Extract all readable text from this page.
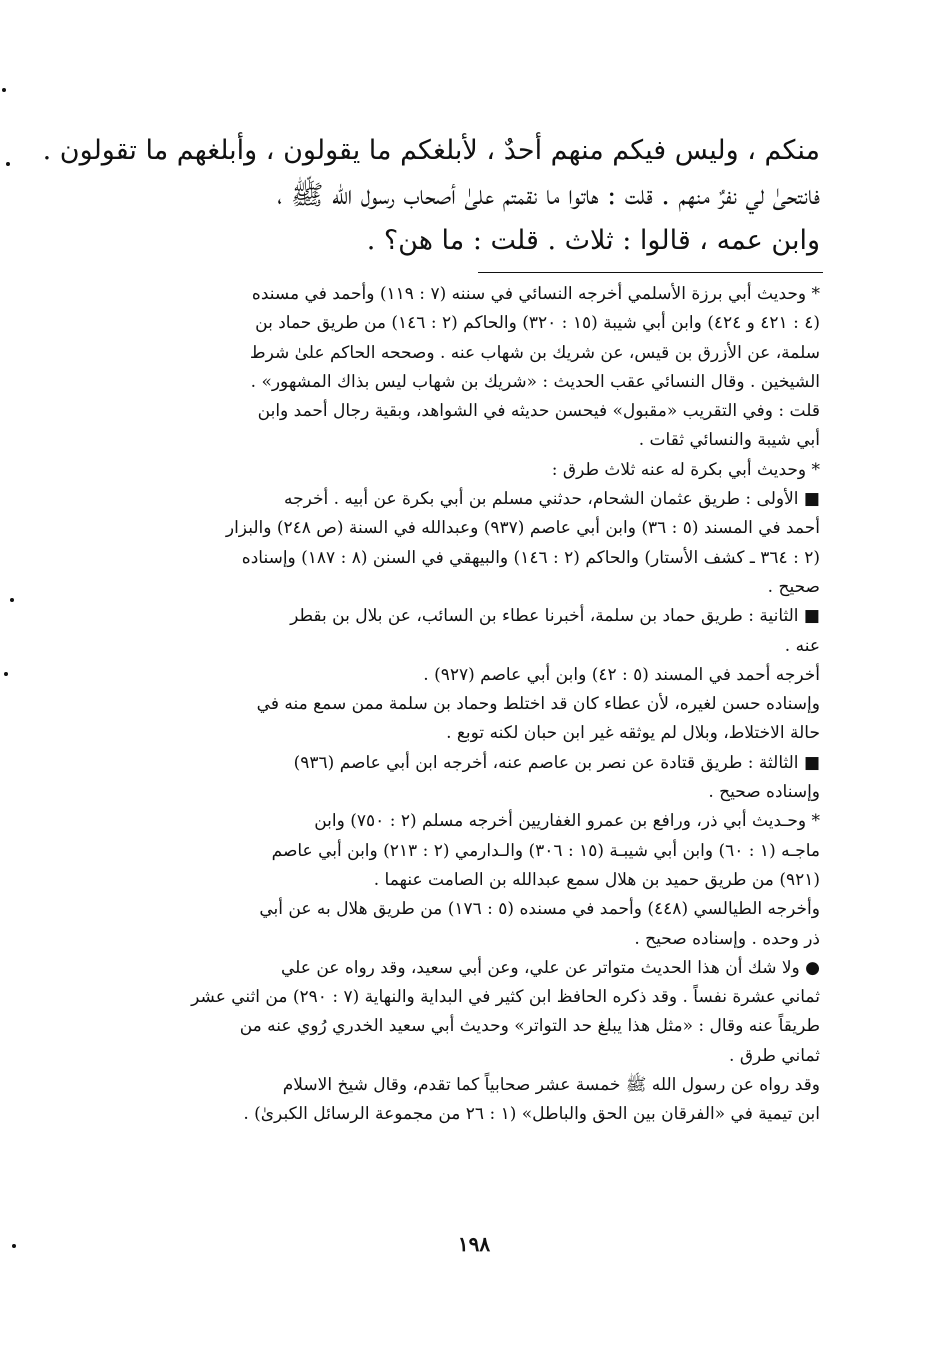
منكم ، وليس فيكم منهم أحدٌ ، لأبلغكم ما يقولون ، وأبلغهم ما تقولون .

فانتحىٰ لي نفرٌ منهم . قلت : هاتوا ما نقمتم علىٰ أصحاب رسول الله ﷺ ،

وابن عمه ، قالوا : ثلاث . قلت : ما هن؟ .

* وحديث أبي برزة الأسلمي أخرجه النسائي في سننه (٧ : ١١٩) وأحمد في مسنده
(٤ : ٤٢١ و ٤٢٤) وابن أبي شيبة (١٥ : ٣٢٠) والحاكم (٢ : ١٤٦) من طريق حماد بن
سلمة، عن الأزرق بن قيس، عن شريك بن شهاب عنه . وصححه الحاكم علىٰ شرط
الشيخين . وقال النسائي عقب الحديث : «شريك بن شهاب ليس بذاك المشهور» .
قلت : وفي التقريب «مقبول» فيحسن حديثه في الشواهد، وبقية رجال أحمد وابن
أبي شيبة والنسائي ثقات .
* وحديث أبي بكرة له عنه ثلاث طرق :
■ الأولى : طريق عثمان الشحام، حدثني مسلم بن أبي بكرة عن أبيه . أخرجه
أحمد في المسند (٥ : ٣٦) وابن أبي عاصم (٩٣٧) وعبدالله في السنة (ص ٢٤٨) والبزار
(٢ : ٣٦٤ ـ كشف الأستار) والحاكم (٢ : ١٤٦) والبيهقي في السنن (٨ : ١٨٧) وإسناده
صحيح .
■ الثانية : طريق حماد بن سلمة، أخبرنا عطاء بن السائب، عن بلال بن بقطر
عنه .
أخرجه أحمد في المسند (٥ : ٤٢) وابن أبي عاصم (٩٢٧) .
وإسناده حسن لغيره، لأن عطاء كان قد اختلط وحماد بن سلمة ممن سمع منه في
حالة الاختلاط، وبلال لم يوثقه غير ابن حبان لكنه توبع .
■ الثالثة : طريق قتادة عن نصر بن عاصم عنه، أخرجه ابن أبي عاصم (٩٣٦)
وإسناده صحيح .
* وحـديث أبي ذر، ورافع بن عمرو الغفاريين أخرجه مسلم (٢ : ٧٥٠) وابن
ماجـه (١ : ٦٠) وابن أبي شيبـة (١٥ : ٣٠٦) والـدارمي (٢ : ٢١٣) وابن أبي عاصم
(٩٢١) من طريق حميد بن هلال سمع عبدالله بن الصامت عنهما .
وأخرجه الطيالسي (٤٤٨) وأحمد في مسنده (٥ : ١٧٦) من طريق هلال به عن أبي
ذر وحده . وإسناده صحيح .
● ولا شك أن هذا الحديث متواتر عن علي، وعن أبي سعيد، وقد رواه عن علي
ثماني عشرة نفساً . وقد ذكره الحافظ ابن كثير في البداية والنهاية (٧ : ٢٩٠) من اثني عشر
طريقاً عنه وقال : «مثل هذا يبلغ حد التواتر» وحديث أبي سعيد الخدري رُوي عنه من
ثماني طرق .
وقد رواه عن رسول الله ﷺ خمسة عشر صحابياً كما تقدم، وقال شيخ الاسلام
ابن تيمية في «الفرقان بين الحق والباطل» (١ : ٢٦ من مجموعة الرسائل الكبرىٰ) .
١٩٨
